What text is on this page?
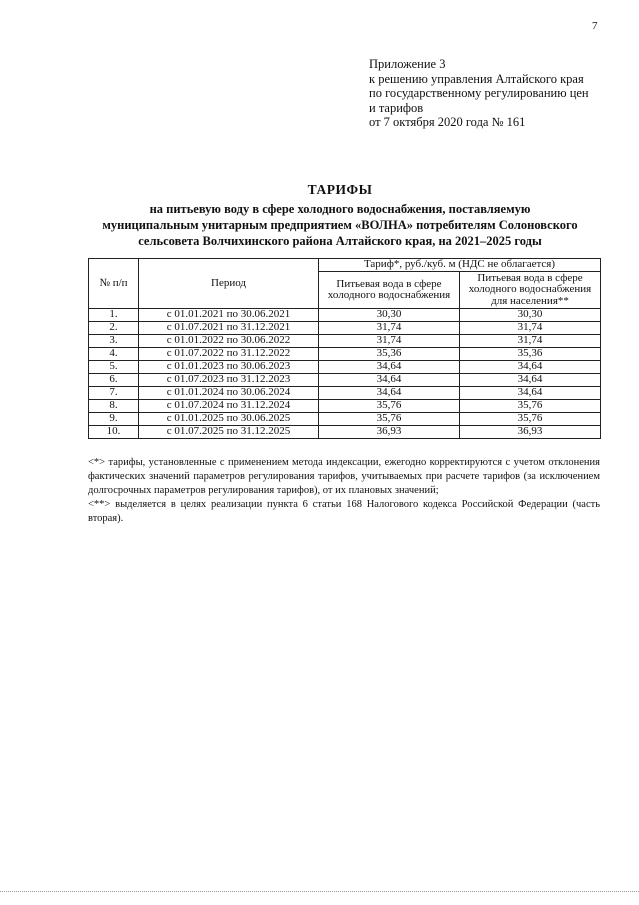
7
Приложение 3
к решению управления Алтайского края
по государственному регулированию цен
и тарифов
от 7 октября 2020 года № 161
ТАРИФЫ
на питьевую воду в сфере холодного водоснабжения, поставляемую
муниципальным унитарным предприятием «ВОЛНА» потребителям Солоновского
сельсовета Волчихинского района Алтайского края, на 2021–2025 годы
№ п/п	Период	Тариф*, руб./куб. м (НДС не облагается)	
		Питьевая вода в сфере холодного водоснабжения	Питьевая вода в сфере холодного водоснабжения для населения**
1.	с 01.01.2021 по 30.06.2021	30,30	30,30
2.	с 01.07.2021 по 31.12.2021	31,74	31,74
3.	с 01.01.2022 по 30.06.2022	31,74	31,74
4.	с 01.07.2022 по 31.12.2022	35,36	35,36
5.	с 01.01.2023 по 30.06.2023	34,64	34,64
6.	с 01.07.2023 по 31.12.2023	34,64	34,64
7.	с 01.01.2024 по 30.06.2024	34,64	34,64
8.	с 01.07.2024 по 31.12.2024	35,76	35,76
9.	с 01.01.2025 по 30.06.2025	35,76	35,76
10.	с 01.07.2025 по 31.12.2025	36,93	36,93

<*> тарифы, установленные с применением метода индексации, ежегодно корректируются с учетом отклонения фактических значений параметров регулирования тарифов, учитываемых при расчете тарифов (за исключением долгосрочных параметров регулирования тарифов), от их плановых значений;

<**> выделяется в целях реализации пункта 6 статьи 168 Налогового кодекса Российской Федерации (часть вторая).
